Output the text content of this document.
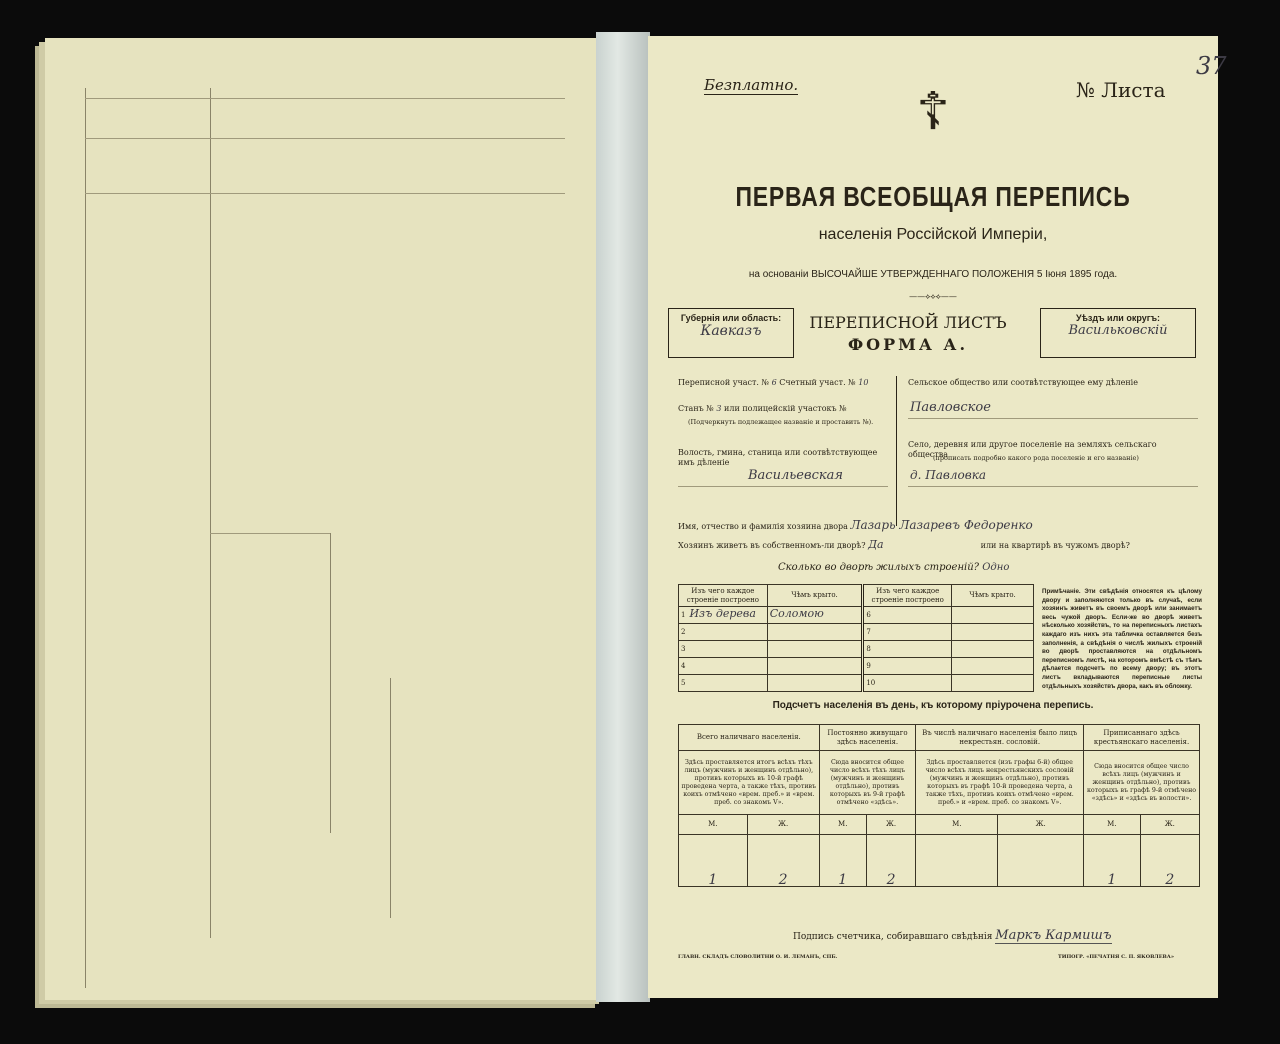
Безплатно. ☦	№ Листа
37
ПЕРВАЯ ВСЕОБЩАЯ ПЕРЕПИСЬ
населенія Россійской Имперіи,
на основаніи ВЫСОЧАЙШЕ УТВЕРЖДЕННАГО ПОЛОЖЕНІЯ 5 Іюня 1895 года.
——⟡⟡⟡——
Губернія или область:
Кавказъ	ПЕРЕПИСНОЙ ЛИСТЪ
ФОРМА А.
Уѣздъ или округъ:
Васильковскій
Переписной участ. № 6 Счетный участ. № 10
Станъ № 3 или полицейскій участокъ №
(Подчеркнуть подлежащее названіе и проставить №).
Волость, гмина, станица или соотвѣтствующее имъ дѣленіе
Васильевская
Сельское общество или соотвѣтствующее ему дѣленіе
Павловское
Село, деревня или другое поселеніе на земляхъ сельскаго общества
(прописать подробно какого рода поселеніе и его названіе)
д. Павловка
Имя, отчество и фамилія хозяина двора Лазарь Лазаревъ Федоренко
Хозяинъ живетъ въ собственномъ-ли дворѣ? Да	или на квартирѣ въ чужомъ дворѣ?
Сколько во дворѣ жилыхъ строеній? Одно
Изъ чего каждое строеніе построено	Чѣмъ крыто.	Изъ чего каждое строеніе построено	Чѣмъ крыто.
1 Изъ дерева	Соломою	6	
2		7	
3		8	
4		9	
5		10	
Примѣчаніе. Эти свѣдѣнія относятся къ цѣлому двору и заполняются только въ случаѣ, если хозяинъ живетъ въ своемъ дворѣ или занимаетъ весь чужой дворъ. Если-же во дворѣ живетъ нѣсколько хозяйствъ, то на переписныхъ листахъ каждаго изъ нихъ эта табличка оставляется безъ заполненія, а свѣдѣнія о числѣ жилыхъ строеній во дворѣ проставляются на отдѣльномъ переписномъ листѣ, на которомъ вмѣстѣ съ тѣмъ дѣлается подсчетъ по всему двору; въ этотъ листъ вкладываются переписные листы отдѣльныхъ хозяйствъ двора, какъ въ обложку.
Подсчетъ населенія въ день, къ которому пріурочена перепись.
Всего наличнаго населенія.		Постоянно живущаго здѣсь населенія.		Въ числѣ наличнаго населенія было лицъ некрестьян. сословій.		Приписаннаго здѣсь крестьянскаго населенія.	
Здѣсь проставляется итогъ всѣхъ тѣхъ лицъ (мужчинъ и женщинъ отдѣльно), противъ которыхъ въ 10-й графѣ проведена черта, а также тѣхъ, противъ коихъ отмѣчено «врем. преб.» и «врем. преб. со знакомъ V».		Сюда вносится общее число всѣхъ тѣхъ лицъ (мужчинъ и женщинъ отдѣльно), противъ которыхъ въ 9-й графѣ отмѣчено «здѣсь».		Здѣсь проставляется (изъ графы 6-й) общее число всѣхъ лицъ некрестьянскихъ сословій (мужчинъ и женщинъ отдѣльно), противъ которыхъ въ графѣ 10-й проведена черта, а также тѣхъ, противъ коихъ отмѣчено «врем. преб.» и «врем. преб. со знакомъ V».		Сюда вносится общее число всѣхъ лицъ (мужчинъ и женщинъ отдѣльно), противъ которыхъ въ графѣ 9-й отмѣчено «здѣсь» и «здѣсь въ волости».	
М.	Ж.	М.	Ж.	М.	Ж.	М.	Ж.
1	2	1	2			1	2
Подпись счетчика, собиравшаго свѣдѣнія Маркъ Кармишъ
ГЛАВН. СКЛАДЪ СЛОВОЛИТНИ О. И. ЛЕМАНЪ, СПБ.	ТИПОГР. «ПЕЧАТНЯ С. П. ЯКОВЛЕВА»
